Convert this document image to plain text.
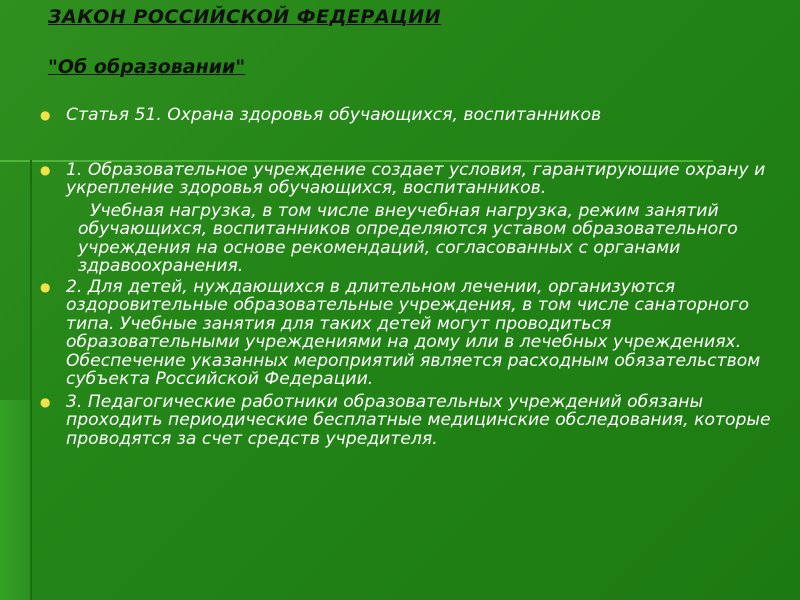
ЗАКОН РОССИЙСКОЙ ФЕДЕРАЦИИ

"Об образовании"

● Статья 51. Охрана здоровья обучающихся, воспитанников

● 1. Образовательное учреждение создает условия, гарантирующие охрану и укрепление здоровья обучающихся, воспитанников.

Учебная нагрузка, в том числе внеучебная нагрузка, режим занятий обучающихся, воспитанников определяются уставом образовательного учреждения на основе рекомендаций, согласованных с органами здравоохранения.

● 2. Для детей, нуждающихся в длительном лечении, организуются оздоровительные образовательные учреждения, в том числе санаторного типа. Учебные занятия для таких детей могут проводиться образовательными учреждениями на дому или в лечебных учреждениях. Обеспечение указанных мероприятий является расходным обязательством субъекта Российской Федерации.

● 3. Педагогические работники образовательных учреждений обязаны проходить периодические бесплатные медицинские обследования, которые проводятся за счет средств учредителя.
